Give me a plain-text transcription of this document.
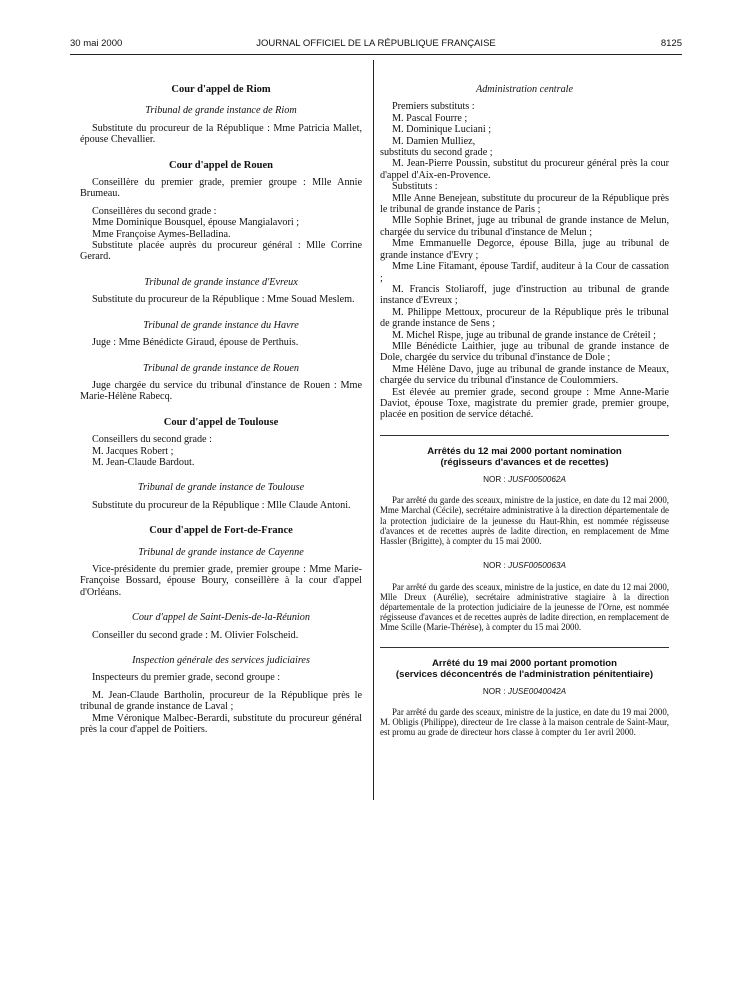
30 mai 2000	JOURNAL OFFICIEL DE LA RÉPUBLIQUE FRANÇAISE	8125
Cour d'appel de Riom

Tribunal de grande instance de Riom

Substitute du procureur de la République : Mme Patricia Mallet, épouse Chevallier.

Cour d'appel de Rouen

Conseillère du premier grade, premier groupe : Mlle Annie Brumeau.

Conseillères du second grade :

Mme Dominique Bousquel, épouse Mangialavori ;

Mme Françoise Aymes-Belladina.

Substitute placée auprès du procureur général : Mlle Corrine Gerard.

Tribunal de grande instance d'Evreux

Substitute du procureur de la République : Mme Souad Meslem.

Tribunal de grande instance du Havre

Juge : Mme Bénédicte Giraud, épouse de Perthuis.

Tribunal de grande instance de Rouen

Juge chargée du service du tribunal d'instance de Rouen : Mme Marie-Hélène Rabecq.

Cour d'appel de Toulouse

Conseillers du second grade :

M. Jacques Robert ;

M. Jean-Claude Bardout.

Tribunal de grande instance de Toulouse

Substitute du procureur de la République : Mlle Claude Antoni.

Cour d'appel de Fort-de-France

Tribunal de grande instance de Cayenne

Vice-présidente du premier grade, premier groupe : Mme Marie-Françoise Bossard, épouse Boury, conseillère à la cour d'appel d'Orléans.

Cour d'appel de Saint-Denis-de-la-Réunion

Conseiller du second grade : M. Olivier Folscheid.

Inspection générale des services judiciaires

Inspecteurs du premier grade, second groupe :

M. Jean-Claude Bartholin, procureur de la République près le tribunal de grande instance de Laval ;

Mme Véronique Malbec-Berardi, substitute du procureur général près la cour d'appel de Poitiers.

Administration centrale

Premiers substituts :

M. Pascal Fourre ;

M. Dominique Luciani ;

M. Damien Mulliez,

substituts du second grade ;

M. Jean-Pierre Poussin, substitut du procureur général près la cour d'appel d'Aix-en-Provence.

Substituts :

Mlle Anne Benejean, substitute du procureur de la République près le tribunal de grande instance de Paris ;

Mlle Sophie Brinet, juge au tribunal de grande instance de Melun, chargée du service du tribunal d'instance de Melun ;

Mme Emmanuelle Degorce, épouse Billa, juge au tribunal de grande instance d'Evry ;

Mme Line Fitamant, épouse Tardif, auditeur à la Cour de cassation ;

M. Francis Stoliaroff, juge d'instruction au tribunal de grande instance d'Evreux ;

M. Philippe Mettoux, procureur de la République près le tribunal de grande instance de Sens ;

M. Michel Rispe, juge au tribunal de grande instance de Créteil ;

Mlle Bénédicte Laithier, juge au tribunal de grande instance de Dole, chargée du service du tribunal d'instance de Dole ;

Mme Hélène Davo, juge au tribunal de grande instance de Meaux, chargée du service du tribunal d'instance de Coulommiers.

Est élevée au premier grade, second groupe : Mme Anne-Marie Daviot, épouse Toxe, magistrate du premier grade, premier groupe, placée en position de service détaché.

Arrêtés du 12 mai 2000 portant nomination

(régisseurs d'avances et de recettes)

NOR : JUSF0050062A

Par arrêté du garde des sceaux, ministre de la justice, en date du 12 mai 2000, Mme Marchal (Cécile), secrétaire administrative à la direction départementale de la protection judiciaire de la jeunesse du Haut-Rhin, est nommée régisseuse d'avances et de recettes auprès de ladite direction, en remplacement de Mme Hassler (Brigitte), à compter du 15 mai 2000.

NOR : JUSF0050063A

Par arrêté du garde des sceaux, ministre de la justice, en date du 12 mai 2000, Mlle Dreux (Aurélie), secrétaire administrative stagiaire à la direction départementale de la protection judiciaire de la jeunesse de l'Orne, est nommée régisseuse d'avances et de recettes auprès de ladite direction, en remplacement de Mme Scille (Marie-Thérèse), à compter du 15 mai 2000.

Arrêté du 19 mai 2000 portant promotion

(services déconcentrés de l'administration pénitentiaire)

NOR : JUSE0040042A

Par arrêté du garde des sceaux, ministre de la justice, en date du 19 mai 2000, M. Obligis (Philippe), directeur de 1re classe à la maison centrale de Saint-Maur, est promu au grade de directeur hors classe à compter du 1er avril 2000.
